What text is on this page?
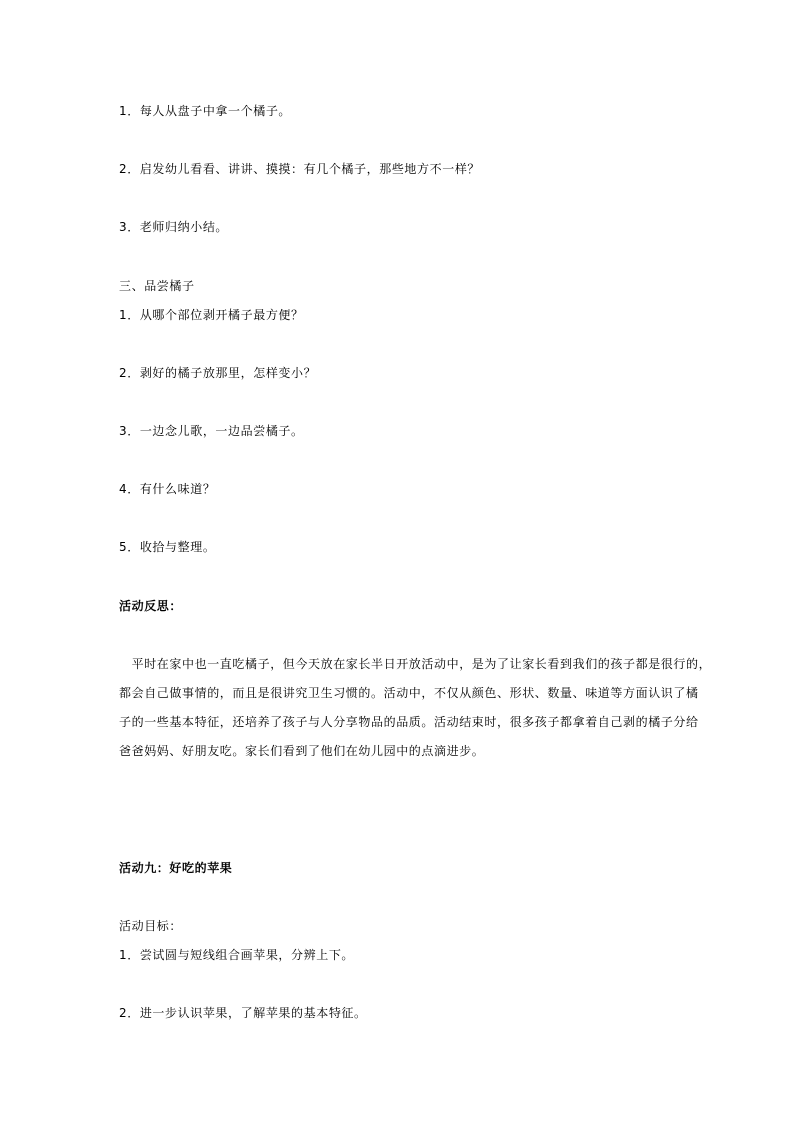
1．每人从盘子中拿一个橘子。
2．启发幼儿看看、讲讲、摸摸：有几个橘子，那些地方不一样？
3．老师归纳小结。
三、品尝橘子
1．从哪个部位剥开橘子最方便？
2．剥好的橘子放那里，怎样变小？
3．一边念儿歌，一边品尝橘子。
4．有什么味道？
5．收拾与整理。
活动反思：

　平时在家中也一直吃橘子，但今天放在家长半日开放活动中，是为了让家长看到我们的孩子都是很行的，

都会自己做事情的，而且是很讲究卫生习惯的。活动中，不仅从颜色、形状、数量、味道等方面认识了橘

子的一些基本特征，还培养了孩子与人分享物品的品质。活动结束时，很多孩子都拿着自己剥的橘子分给

爸爸妈妈、好朋友吃。家长们看到了他们在幼儿园中的点滴进步。

活动九：好吃的苹果
活动目标：
1．尝试圆与短线组合画苹果，分辨上下。
2．进一步认识苹果，了解苹果的基本特征。
